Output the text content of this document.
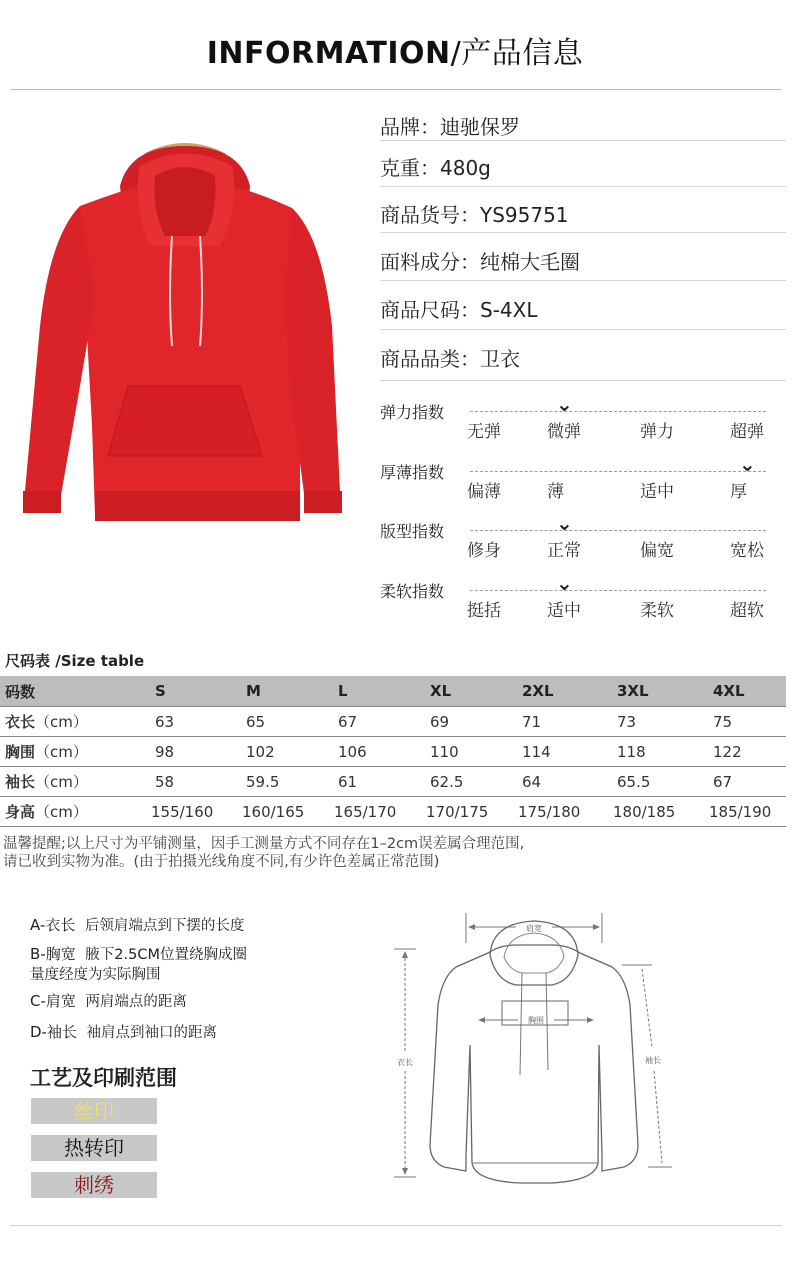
INFORMATION/产品信息
品牌：迪驰保罗
克重：480g
商品货号：YS95751
面料成分：纯棉大毛圈
商品尺码：S-4XL
商品品类：卫衣
弹力指数
无弹	微弹	弹力	超弹
⌄
厚薄指数
偏薄	薄	适中	厚
⌄
版型指数
修身	正常	偏宽	宽松
⌄
柔软指数
挺括	适中	柔软	超软
⌄
尺码表 /Size table
码数	S	M	L	XL	2XL	3XL	4XL
衣长（cm）	63	65	67	69	71	73	75
胸围（cm）	98	102	106	110	114	118	122
袖长（cm）	58	59.5	61	62.5	64	65.5	67
身高（cm）	155/160	160/165	165/170	170/175	175/180	180/185	185/190
温馨提醒;以上尺寸为平铺测量，因手工测量方式不同存在1–2cm误差属合理范围,
请已收到实物为准。(由于拍摄光线角度不同,有少许色差属正常范围)
A-衣长 后领肩端点到下摆的长度
B-胸宽 腋下2.5CM位置绕胸成圈
量度经度为实际胸围
C-肩宽 两肩端点的距离
D-袖长 袖肩点到袖口的距离
工艺及印刷范围
丝印
热转印
刺绣
肩宽
衣长	袖长
胸围
